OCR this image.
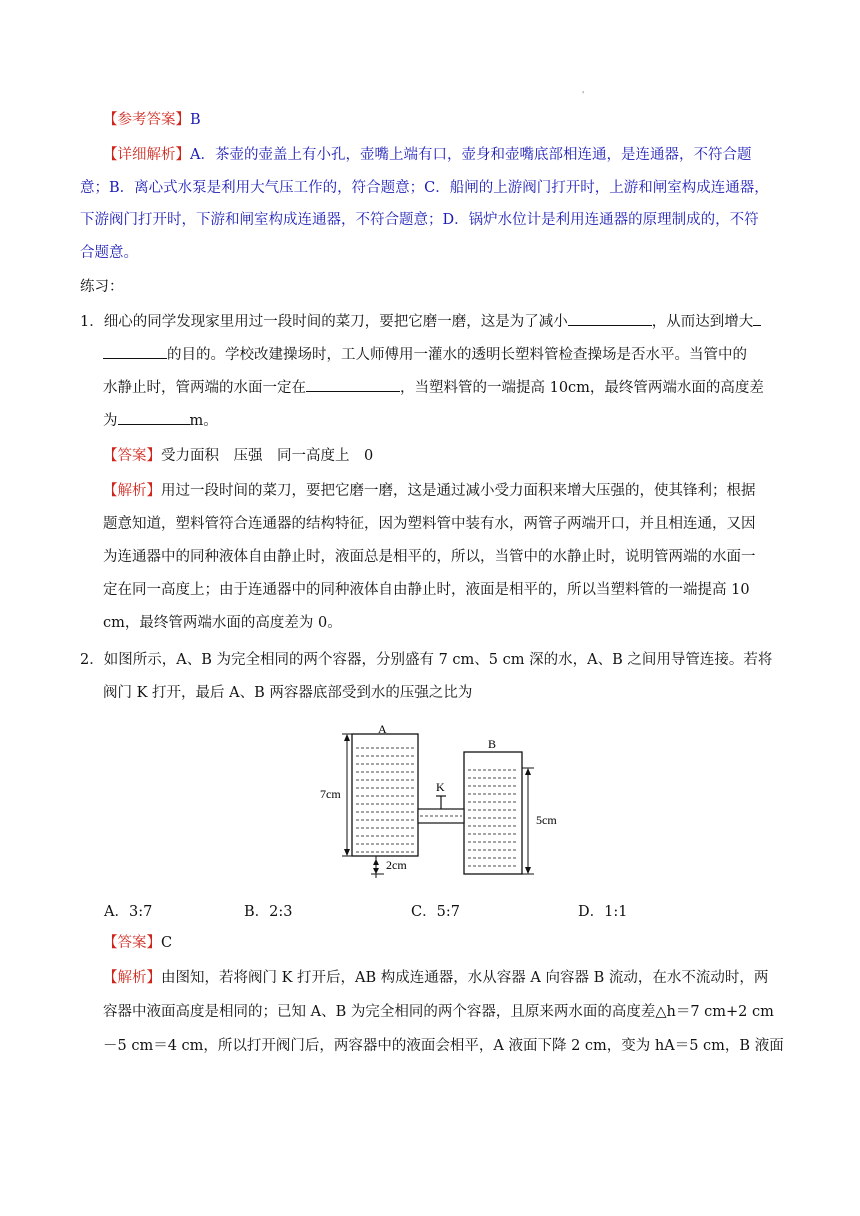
'
【参考答案】B
【详细解析】A．茶壶的壶盖上有小孔，壶嘴上端有口，壶身和壶嘴底部相连通，是连通器，不符合题
意；B．离心式水泵是利用大气压工作的，符合题意；C．船闸的上游阀门打开时，上游和闸室构成连通器，
下游阀门打开时，下游和闸室构成连通器，不符合题意；D．锅炉水位计是利用连通器的原理制成的，不符
合题意。
练习：
1．细心的同学发现家里用过一段时间的菜刀，要把它磨一磨，这是为了减小	，从而达到增大
的目的。学校改建操场时，工人师傅用一灌水的透明长塑料管检查操场是否水平。当管中的
水静止时，管两端的水面一定在	，当塑料管的一端提高 10cm，最终管两端水面的高度差
为	m。
【答案】受力面积　压强　同一高度上　0
【解析】用过一段时间的菜刀，要把它磨一磨，这是通过减小受力面积来增大压强的，使其锋利；根据
题意知道，塑料管符合连通器的结构特征，因为塑料管中装有水，两管子两端开口，并且相连通，又因
为连通器中的同种液体自由静止时，液面总是相平的，所以，当管中的水静止时，说明管两端的水面一
定在同一高度上；由于连通器中的同种液体自由静止时，液面是相平的，所以当塑料管的一端提高 10
cm，最终管两端水面的高度差为 0。
2．如图所示，A、B 为完全相同的两个容器，分别盛有 7 cm、5 cm 深的水，A、B 之间用导管连接。若将
阀门 K 打开，最后 A、B 两容器底部受到水的压强之比为
K
A
B
7cm
5cm
2cm
A．3:7	B．2:3	C．5:7	D．1:1
【答案】C
【解析】由图知，若将阀门 K 打开后，AB 构成连通器，水从容器 A 向容器 B 流动，在水不流动时，两
容器中液面高度是相同的；已知 A、B 为完全相同的两个容器，且原来两水面的高度差△h＝7 cm+2 cm
－5 cm＝4 cm，所以打开阀门后，两容器中的液面会相平，A 液面下降 2 cm，变为 hA＝5 cm，B 液面
